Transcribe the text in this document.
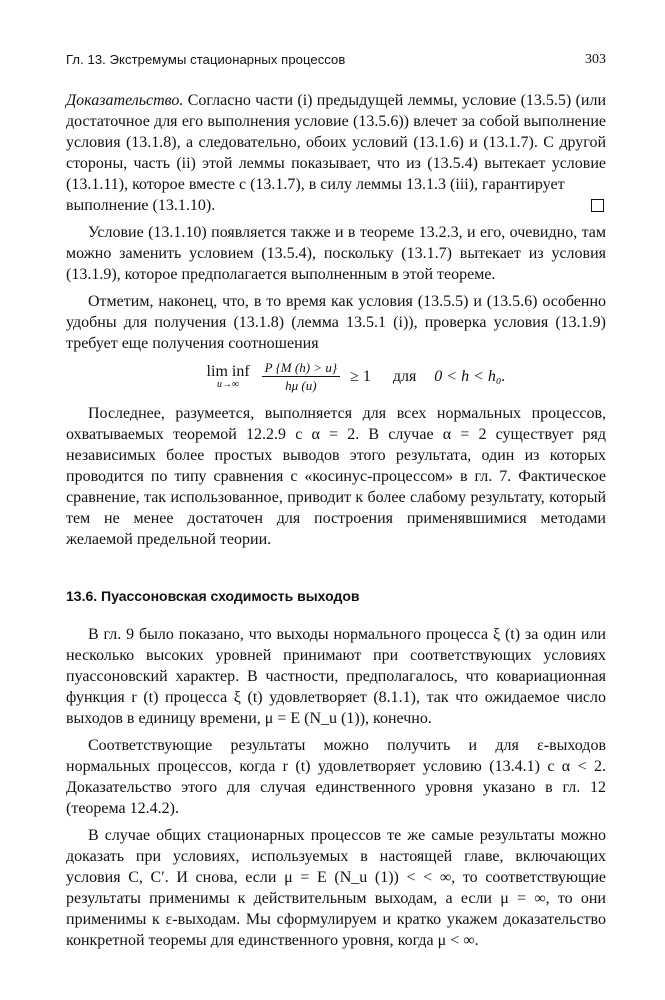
Гл. 13. Экстремумы стационарных процессов	303

Доказательство. Согласно части (i) предыдущей леммы, условие (13.5.5) (или достаточное для его выполнения условие (13.5.6)) влечет за собой выполнение условия (13.1.8), а следовательно, обоих условий (13.1.6) и (13.1.7). С другой стороны, часть (ii) этой леммы показывает, что из (13.5.4) вытекает условие (13.1.11), которое вместе с (13.1.7), в силу леммы 13.1.3 (iii), гарантирует

выполнение (13.1.10).

Условие (13.1.10) появляется также и в теореме 13.2.3, и его, очевидно, там можно заменить условием (13.5.4), поскольку (13.1.7) вытекает из условия (13.1.9), которое предполагается выполненным в этой теореме.

Отметим, наконец, что, в то время как условия (13.5.5) и (13.5.6) особенно удобны для получения (13.1.8) (лемма 13.5.1 (i)), проверка условия (13.1.9) требует еще получения соотношения

lim inf
$u\to\infty \frac{P \{M (h) > u\}}{h\mu (u)} \ge 1$ для 0 < h < h₀.

Последнее, разумеется, выполняется для всех нормальных процессов, охватываемых теоремой 12.2.9 с α = 2. В случае α = 2 существует ряд независимых более простых выводов этого результата, один из которых проводится по типу сравнения с «косинус-процессом» в гл. 7. Фактическое сравнение, так использованное, приводит к более слабому результату, который тем не менее достаточен для построения применявшимися методами желаемой предельной теории.

13.6. Пуассоновская сходимость выходов

В гл. 9 было показано, что выходы нормального процесса ξ (t) за один или несколько высоких уровней принимают при соответствующих условиях пуассоновский характер. В частности, предполагалось, что ковариационная функция r (t) процесса ξ (t) удовлетворяет (8.1.1), так что ожидаемое число выходов в единицу времени, μ = E (N_u (1)), конечно.

Соответствующие результаты можно получить и для ε-выходов нормальных процессов, когда r (t) удовлетворяет условию (13.4.1) с α < 2. Доказательство этого для случая единственного уровня указано в гл. 12 (теорема 12.4.2).

В случае общих стационарных процессов те же самые результаты можно доказать при условиях, используемых в настоящей главе, включающих условия C, C′. И снова, если μ = E (N_u (1)) < < ∞, то соответствующие результаты применимы к действительным выходам, а если μ = ∞, то они применимы к ε-выходам. Мы сформулируем и кратко укажем доказательство конкретной теоремы для единственного уровня, когда μ < ∞.
